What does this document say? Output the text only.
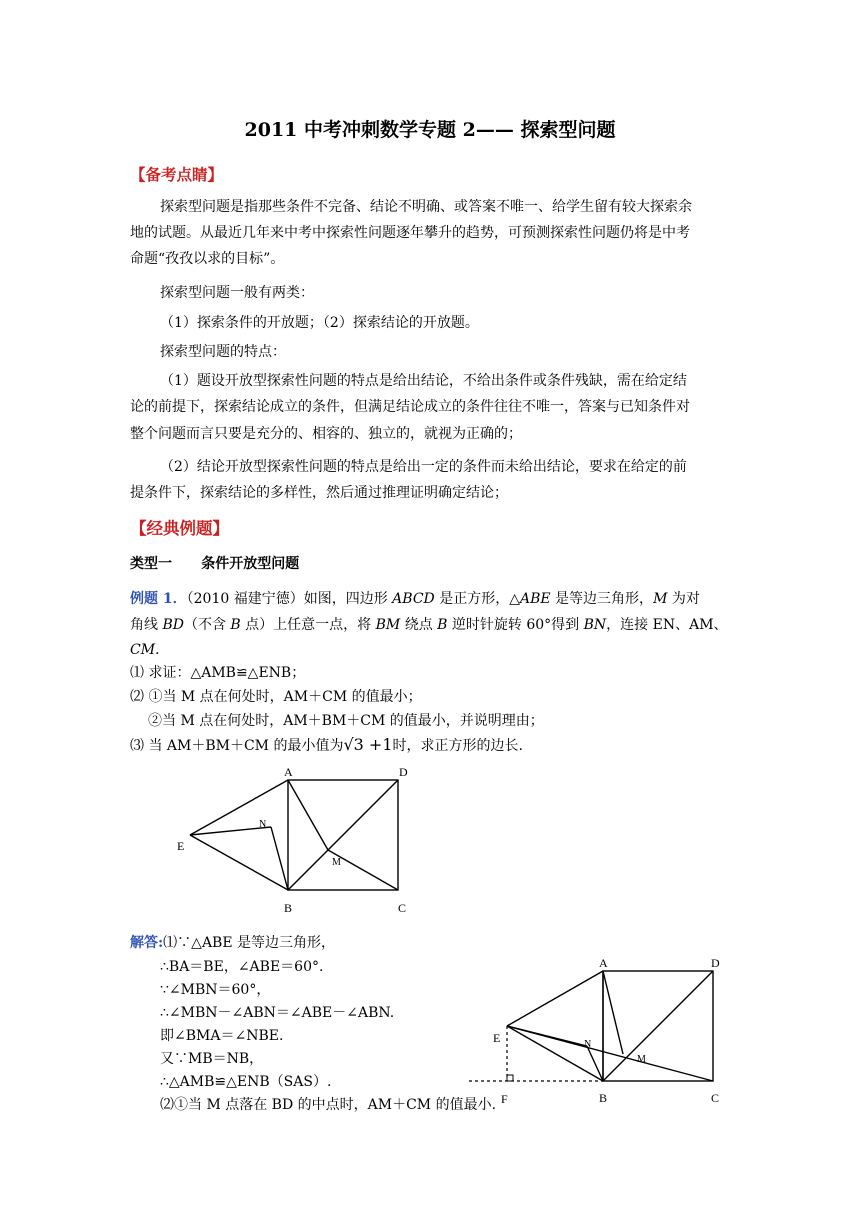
2011 中考冲刺数学专题 2—— 探索型问题
【备考点睛】
探索型问题是指那些条件不完备、结论不明确、或答案不唯一、给学生留有较大探索余
地的试题。从最近几年来中考中探索性问题逐年攀升的趋势，可预测探索性问题仍将是中考
命题“孜孜以求的目标”。
探索型问题一般有两类：
（1）探索条件的开放题；（2）探索结论的开放题。
探索型问题的特点：
（1）题设开放型探索性问题的特点是给出结论，不给出条件或条件残缺，需在给定结
论的前提下，探索结论成立的条件，但满足结论成立的条件往往不唯一，答案与已知条件对
整个问题而言只要是充分的、相容的、独立的，就视为正确的；
（2）结论开放型探索性问题的特点是给出一定的条件而未给出结论，要求在给定的前
提条件下，探索结论的多样性，然后通过推理证明确定结论；
【经典例题】
类型一      条件开放型问题
例题 1．（2010 福建宁德）如图，四边形 ABCD 是正方形，△ABE 是等边三角形，M 为对
角线 BD（不含 B 点）上任意一点，将 BM 绕点 B 逆时针旋转 60°得到 BN，连接 EN、AM、
CM.
⑴ 求证：△AMB≌△ENB；
⑵ ①当 M 点在何处时，AM＋CM 的值最小；
②当 M 点在何处时，AM＋BM＋CM 的值最小，并说明理由；
⑶ 当 AM＋BM＋CM 的最小值为√3 +1时，求正方形的边长.
A	D
E
N
M
B	C
解答:⑴∵△ABE 是等边三角形，
∴BA＝BE，∠ABE＝60°.
∵∠MBN＝60°，
∴∠MBN－∠ABN＝∠ABE－∠ABN.
即∠BMA＝∠NBE.
又∵MB＝NB，
∴△AMB≌△ENB（SAS）.
⑵①当 M 点落在 BD 的中点时，AM＋CM 的值最小.
A	D
E	N
M
B	C
F
